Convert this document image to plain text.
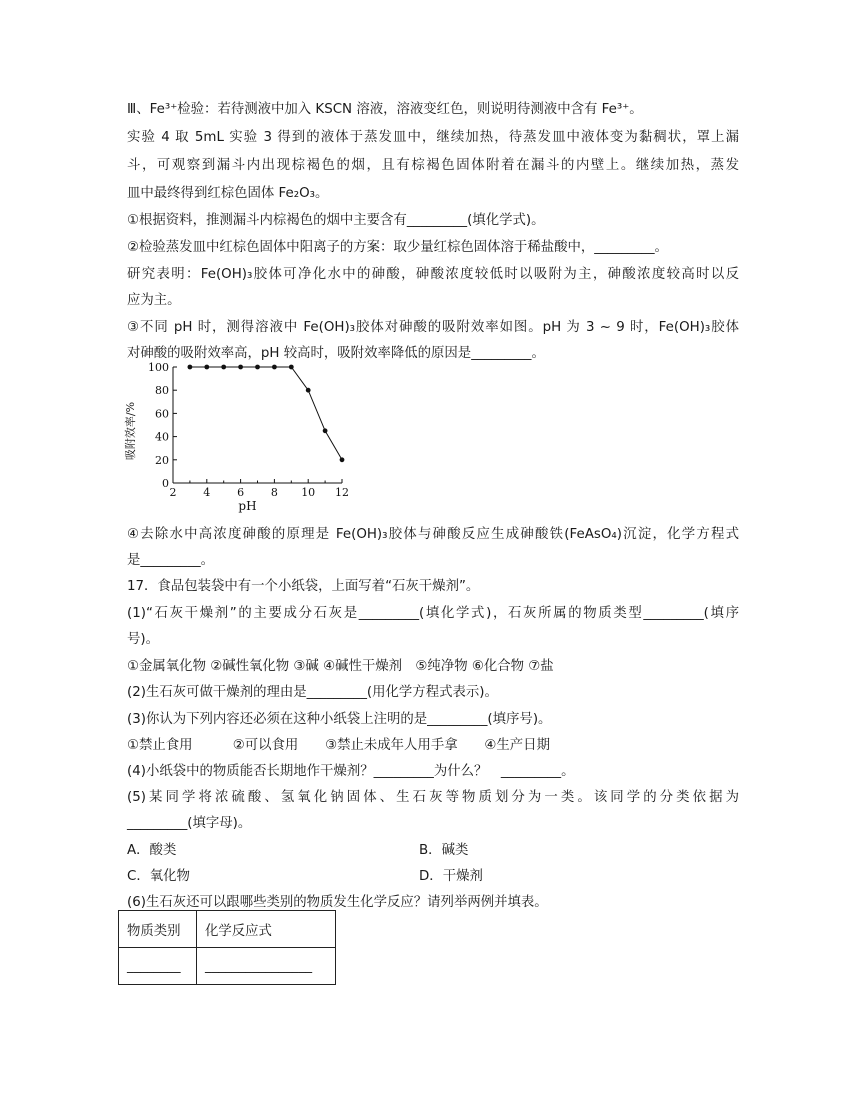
Ⅲ、Fe³⁺检验：若待测液中加入 KSCN 溶液，溶液变红色，则说明待测液中含有 Fe³⁺。
实验 4 取 5mL 实验 3 得到的液体于蒸发皿中，继续加热，待蒸发皿中液体变为黏稠状，罩上漏
斗，可观察到漏斗内出现棕褐色的烟，且有棕褐色固体附着在漏斗的内壁上。继续加热，蒸发
皿中最终得到红棕色固体 Fe₂O₃。
①根据资料，推测漏斗内棕褐色的烟中主要含有_________(填化学式)。
②检验蒸发皿中红棕色固体中阳离子的方案：取少量红棕色固体溶于稀盐酸中，_________。
研究表明：Fe(OH)₃胶体可净化水中的砷酸，砷酸浓度较低时以吸附为主，砷酸浓度较高时以反
应为主。
③不同 pH 时，测得溶液中 Fe(OH)₃胶体对砷酸的吸附效率如图。pH 为 3 ~ 9 时，Fe(OH)₃胶体
对砷酸的吸附效率高，pH 较高时，吸附效率降低的原因是_________。
2 4 6 8 10 12
0
20
40
60
80
100
pH
吸附效率/%
④去除水中高浓度砷酸的原理是 Fe(OH)₃胶体与砷酸反应生成砷酸铁(FeAsO₄)沉淀，化学方程式
是_________。
17．食品包装袋中有一个小纸袋，上面写着“石灰干燥剂”。
(1)“石灰干燥剂”的主要成分石灰是_________(填化学式)，石灰所属的物质类型_________(填序
号)。
①金属氧化物 ②碱性氧化物 ③碱 ④碱性干燥剂　⑤纯净物 ⑥化合物 ⑦盐
(2)生石灰可做干燥剂的理由是_________(用化学方程式表示)。
(3)你认为下列内容还必须在这种小纸袋上注明的是_________(填序号)。
①禁止食用　　　②可以食用　　③禁止未成年人用手拿　　④生产日期
(4)小纸袋中的物质能否长期地作干燥剂？_________为什么？　_________。
(5)某同学将浓硫酸、氢氧化钠固体、生石灰等物质划分为一类。该同学的分类依据为
_________(填字母)。
A．酸类	B．碱类
C．氧化物	D．干燥剂
(6)生石灰还可以跟哪些类别的物质发生化学反应？请列举两例并填表。
物质类别	化学反应式
________	________________
